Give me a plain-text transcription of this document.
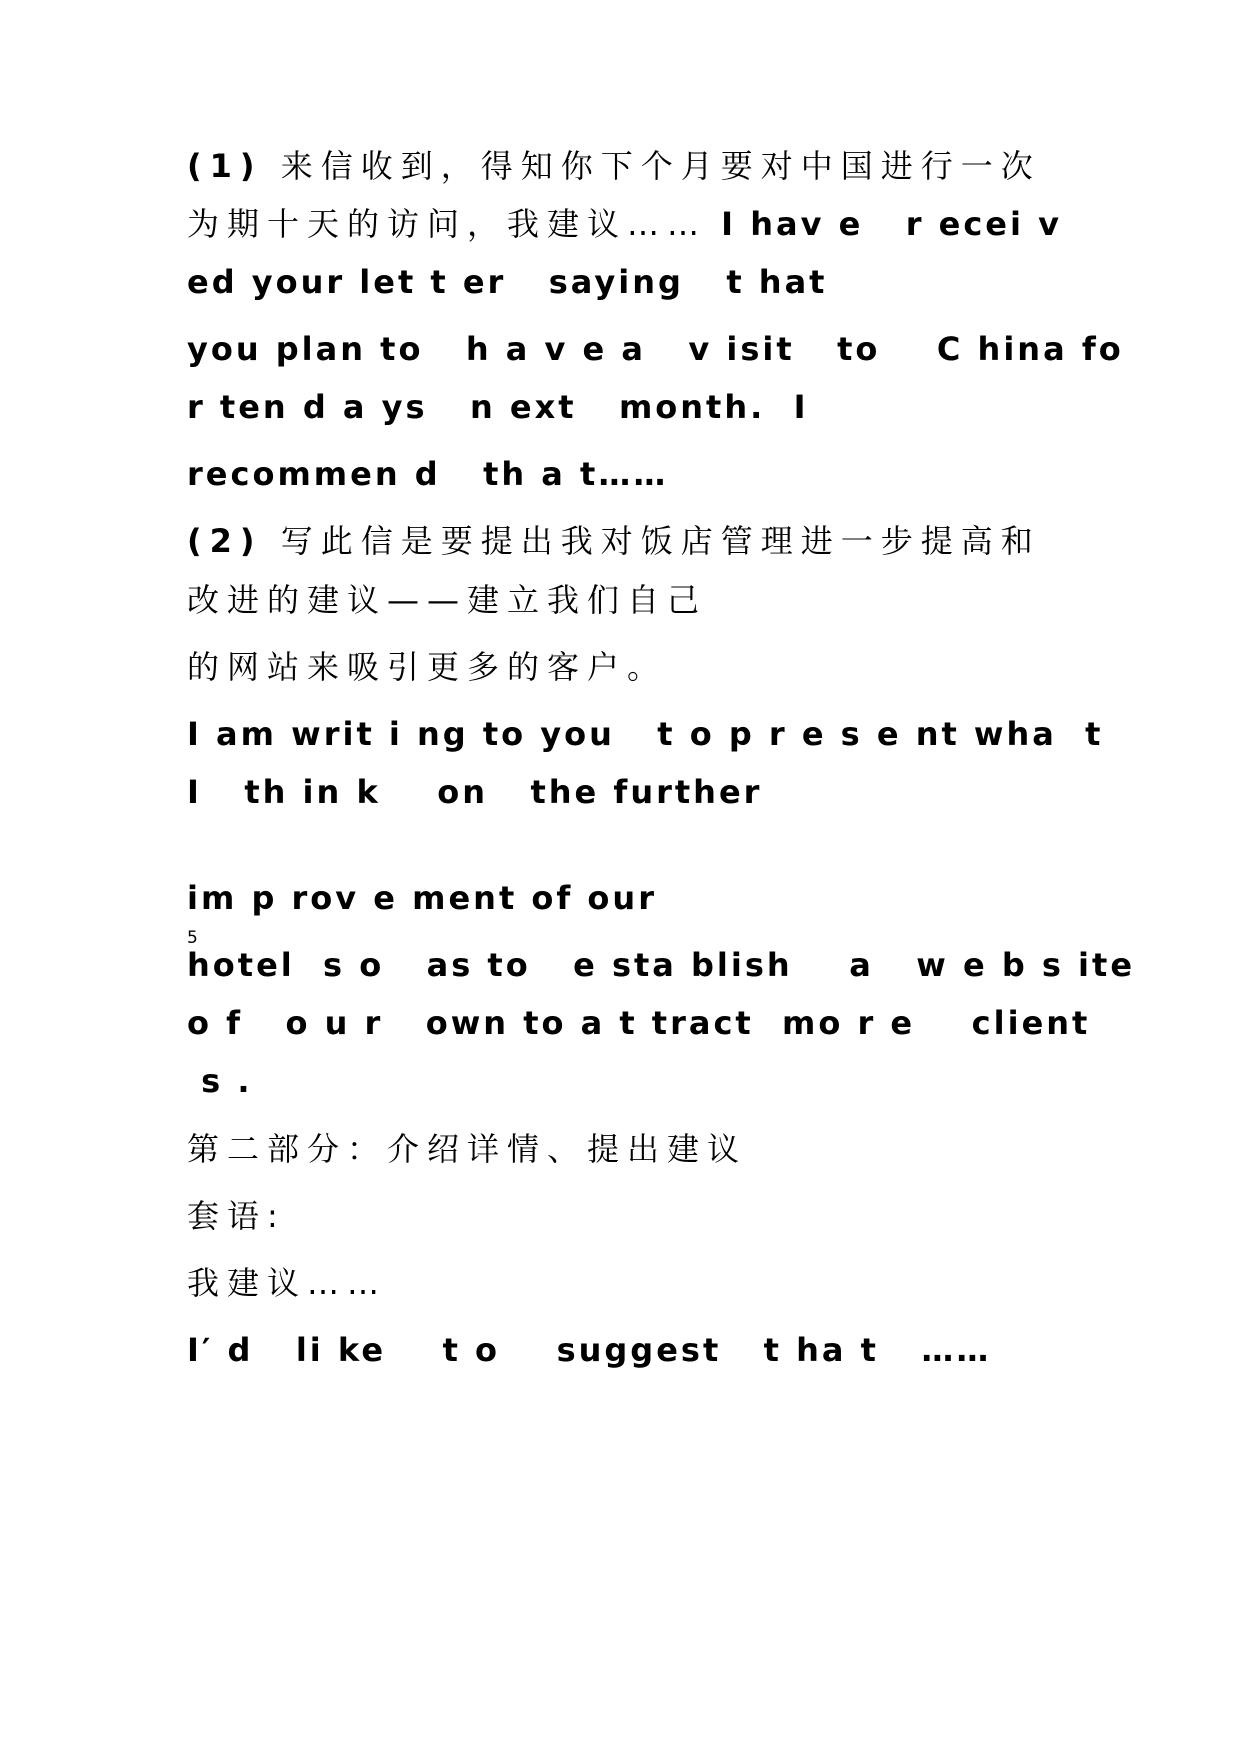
(1) 来信收到，得知你下个月要对中国进行一次
为期十天的访问，我建议…… I hav e   r ecei v
ed your let t er   saying   t hat
you plan to   h a v e a   v isit   to    C hina fo
r ten d a ys   n ext   month.  I
recommen d   th a t……
(2) 写此信是要提出我对饭店管理进一步提高和
改进的建议——建立我们自己
的网站来吸引更多的客户。
I am writ i ng to you   t o p r e s e nt wha  t
I   th in k    on   the further
5
im p rov e ment of our
hotel  s o   as to   e sta blish    a   w e b s ite
o f   o u r   own to a t tract  mo r e    client
s .
第二部分：介绍详情、提出建议
套语:
我建议……
I′ d   li ke    t o    suggest   t ha t   ……
